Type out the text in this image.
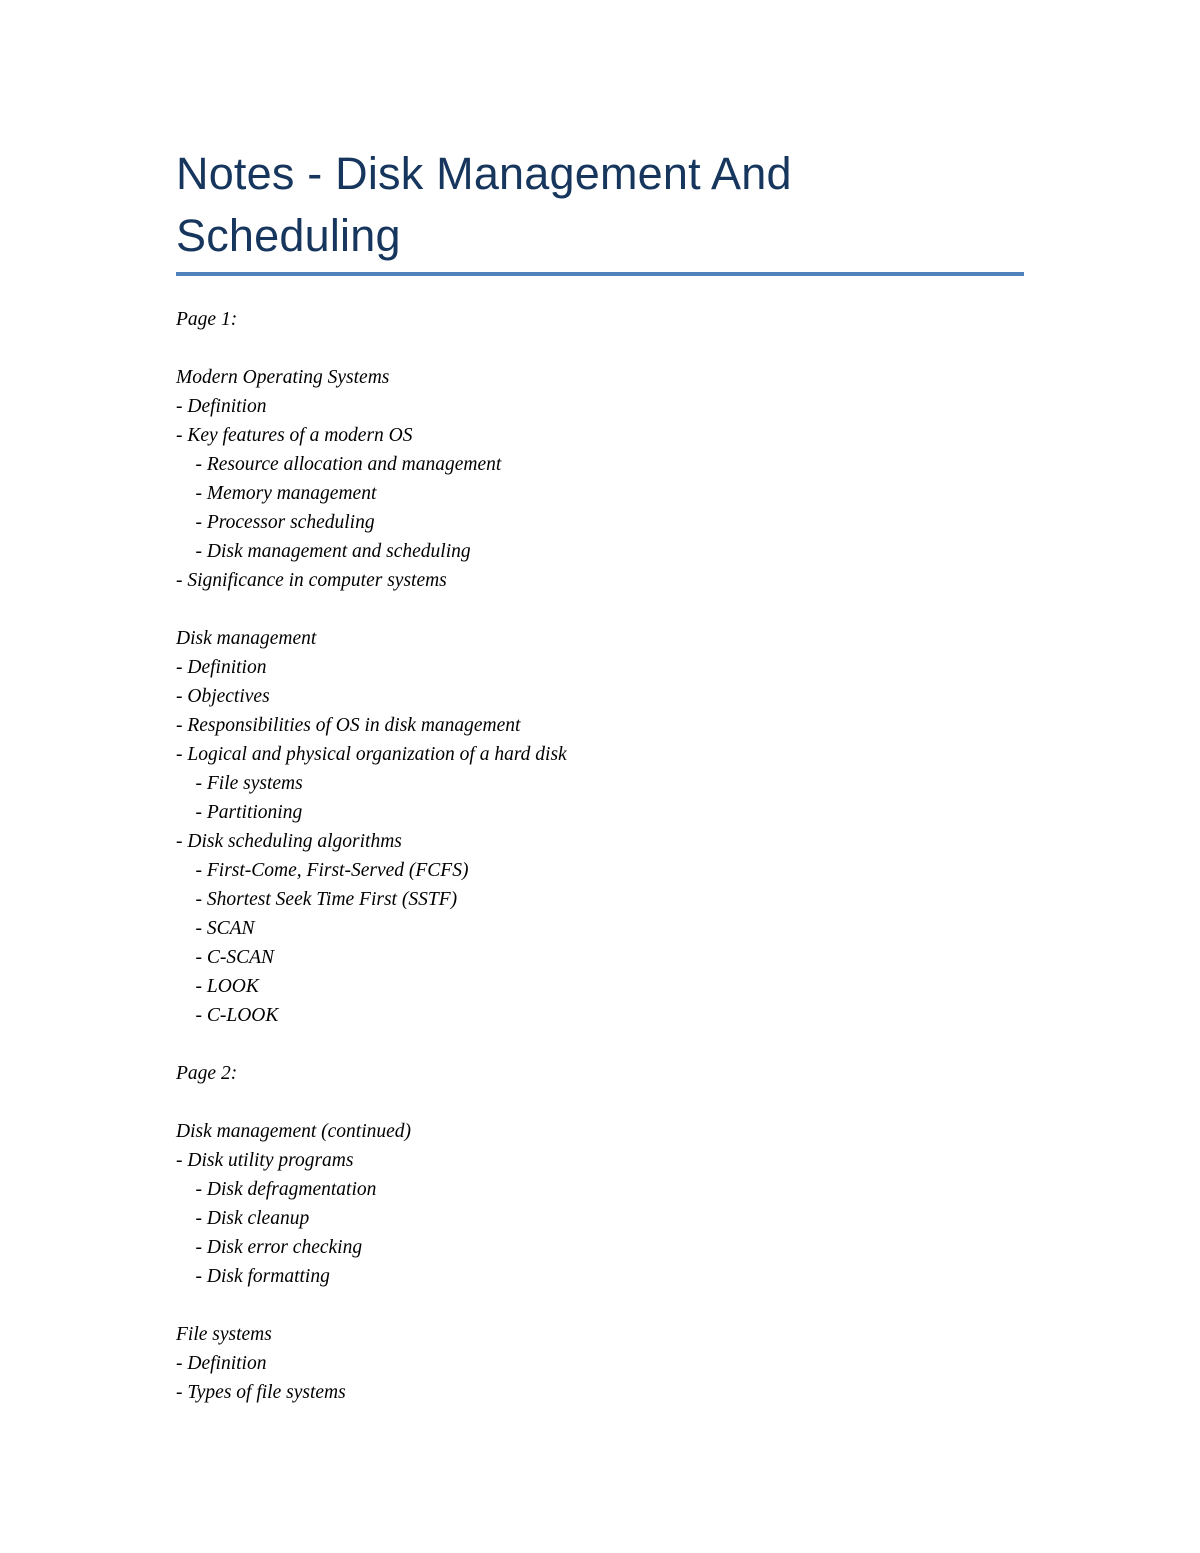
Notes - Disk Management And
Scheduling
Page 1:
Modern Operating Systems
- Definition
- Key features of a modern OS
- Resource allocation and management
- Memory management
- Processor scheduling
- Disk management and scheduling
- Significance in computer systems
Disk management
- Definition
- Objectives
- Responsibilities of OS in disk management
- Logical and physical organization of a hard disk
- File systems
- Partitioning
- Disk scheduling algorithms
- First-Come, First-Served (FCFS)
- Shortest Seek Time First (SSTF)
- SCAN
- C-SCAN
- LOOK
- C-LOOK
Page 2:
Disk management (continued)
- Disk utility programs
- Disk defragmentation
- Disk cleanup
- Disk error checking
- Disk formatting
File systems
- Definition
- Types of file systems
